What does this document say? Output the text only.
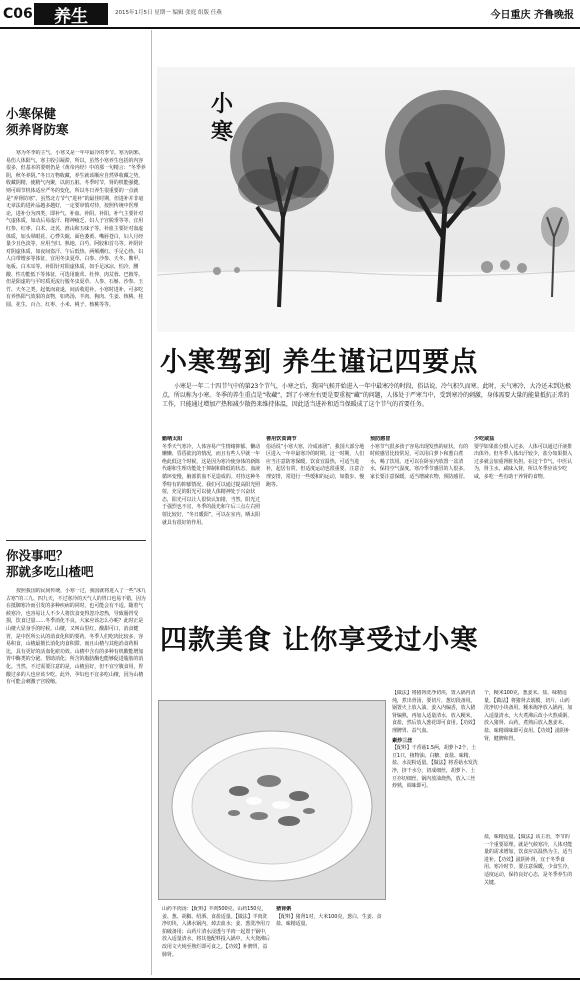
C06	养生	2015年1月5日 星期一 编辑 张庭 组版 任燕	今日重庆 齐鲁晚报
小寒保健
须养肾防寒
寒为冬季的主气，小寒又是一年中最冷的季节。寒为阴邪，易伤人体阳气，寒主收引凝滞，所以，虽然小寒养生包括的内容很多，但基本的要则仍是《黄帝内经》中的那一句精言：“冬季养阴，秋冬养阴。”冬日万物收藏，养生就该顺应自然界收藏之势，收藏阴精，使精气内聚，以润五脏。冬季时节，肾的机能强健，则可调节机体适应严冬的变化，所以冬日养生很重要的一点就是“养肾防寒”。虽然北方节气“进补”的最佳时期，但进补并非毫无章法的进补品越多越好，一定要审慎对待，按照传统中医理论，进补分为四类，即补气、补血、补阴、补阳。补气主要针对气虚体质，如动后易虚汗、精神疲乏、妇人子宫脱垂等等，宜用红参、红枣、白术、北芪、淮山和五味子等。补血主要针对血虚体质，如头晕眼花、心悸失眠、面色萎黄、嘴唇苍白，妇人月经量少且色淡等，应用当归、熟地、白芍、阿胶和首乌等。补阴针对阴虚体质，如夜间盗汗、午后低热、两颊潮红、手足心热、妇人白带增多等体征，宜用冬虫夏草、白参、沙参、天冬、鳖甲、龟板、白木耳等。补阳针对阳虚体质，如手足冰凉、怕冷、腰酸、性功能低下等体征，可选用鹿茸、杜仲、肉苁蓉、巴戟等。但是阳虚的与平时质更流行服冬虫夏草、人参、石斛、沙参、玉竹、天冬之类，起低而衰退，间活收进补。小寒时进补，可多吃有养热阳气效果的食物，如鸡汤、羊肉、狗肉、生姜、核桃、桂圆、花生、百合、红枣、小米、桃子、核桃等等。
你没事吧？
那就多吃山楂吧
按照我国的民间传统，小寒一过，我国就将进入了一些“冰九古寒”的三九、四九天，不过寒冷的天气人的胃口也易不错，因为在抵御寒冷而引发的多种疾病的同时，也可能会有不适。随着气候寒冷，也容易让人不少人将饮食变得忽冷忽热，导致肠胃受损，饮食过量……冬季消化不良，大家应该怎么办呢？此时正是山楂大显身手的时候。山楂，又叫山里红，酸甜可口，消食健胃，是中医所公认的消食化积的要药。冬季人们吃肉比较多，容易积食，山楂最擅长消化肉食积滞。而且山楂与其他消食药相比，具有更好的活血化瘀功效。山楂中含有的多种有机酸能增加胃中酶类的分泌，帮助消化；所含的脂肪酶也能够促进脂肪的消化。当然，不过需要注意的是，山楂虽好，但不宜空腹食用，胃酸过多的人也应该少吃。此外，孕妇也不宜多吃山楂，因为山楂有可能会刺激子宫收缩。
小
寒
小寒驾到 养生谨记四要点
小寒是一年二十四节气中的第23个节气，小寒之后，我国气候开始进入一年中最寒冷的时段，俗话说，冷气积久而寒。此时，天气寒冷，大冷还未到达极点，所以称为小寒。冬季的养生重点是“收藏”，到了小寒左右更是要重视“藏”的问题，人体处于严寒当中，受到寒冷的刺激，身体需要大量的能量抵抗正常的工作，只能通过增加产热和减少散热来维持体温，因此适当进补和适当保暖成了这个节气的首要任务。
勤晒太阳
冬季天气寒冷，人体容易产生情绪抑郁、懒动懒懒、昏昏欲沉的情况，而且有些人早就一年绝此低这个时候，这是因为寒冷使身体的新陈代谢和生理功能处于抑制和降低的状态，血液循环变慢，脑部供血不足造成的。对待这种冬季特有的抑郁情况，我们可以通过提高阳光照射，充足的阳光可以使人体精神处于兴奋状态，阳光可以让人很快认知错，当然，阳光过于强烈也不宜，冬季的晨光和午后三点左右照射比较好，“冬日暖阳”，可以在室内，晒太阳就具有很好的作用。
善用饮食调节
俗话说“小寒大寒，冷成冰团”，我国大部分地区进入一年中最寒冷的时期。这一时期，人们应当注意防寒保暖，饮食宜温热，可适当进补，起居有常，但适度运动也很重要，注意合理安排，常进行一些缓和的运动，如散步、慢跑等。
预防感冒
小寒节气很多孩子容易出现发热的症状，有的时候感冒比较常见，可以用白萝卜和葱白煮水，喝了饮用。还可以在卧室内放置一盆清水，保持空气湿度。寒冷季节感冒的人很多，家长要注意保暖，适当增减衣物，预防感冒。
少吃咸盐
要学如果盐分摄入过多，人体可以通过汗液排出体外。但冬季人体出汗较少，盐分如果摄入过多就会加重肾脏负担。在这个节气，中医认为，肾主水，咸味入肾，所以冬季应该少吃咸，多吃一些有助于养肾的食物。
四款美食 让你享受过小寒
山药羊肉汤：【配料】羊肉500克，山药150克，姜、葱、胡椒、绍酒、食盐适量。【做法】羊肉洗净切块，入沸水锅内，焯去血水；姜、葱洗净用刀拍破备用；山药片清水浸透与羊肉一起置于锅中，放入适量清水，将其他配料投入锅中，大火烧沸后改用文火炖至熟烂即可食之。【功效】补脾胃，益肺肾。
猪肾粥
【配料】猪肾1对，大米100克，葱白、生姜、食盐、味精适量。
【做法】将猪肾洗净切块，置入锅内清炖，煮出骨汤，要切片，葱切段备用。锅置火上放入油，姜入内煸香，放入猪肾煸熟，再加入适量清水，放入粳米，食盐，然后放入葱花即可食用。【功效】理脾胃、益气血。
素炒三丝
【配料】干香菇1.5两，胡萝卜2个，土豆1只，植物油、白糖、食盐、味精、盐、水淀粉适量。【做法】将香菇水发洗净，挤干水分，切成细丝，胡萝卜、土豆亦切细丝，锅内放油烧热，放入三丝炒熟，调味即可。
个，粳米100克，葱姜末、盐、味精适量。【做法】将猪肾去筋膜，切片，山药洗净切小块备用，粳米淘净放入锅内，加入适量清水，大火煮沸后改小火熬成粥，放入猪肾、山药，煮熟后放入葱姜末、盐、味精调味即可食用。【功效】滋阴补肾，健脾和胃。
盐，味精适量。【做法】该主治，季节的一个重要原理，就是气候寒冷，人体对能量的需求增加，饮食应以温热为主，适当进补。【功效】滋阴补肾，宜于冬季食用。寒冷时节，要注意保暖，少食生冷，适度运动，保持良好心态，是冬季养生的关键。
